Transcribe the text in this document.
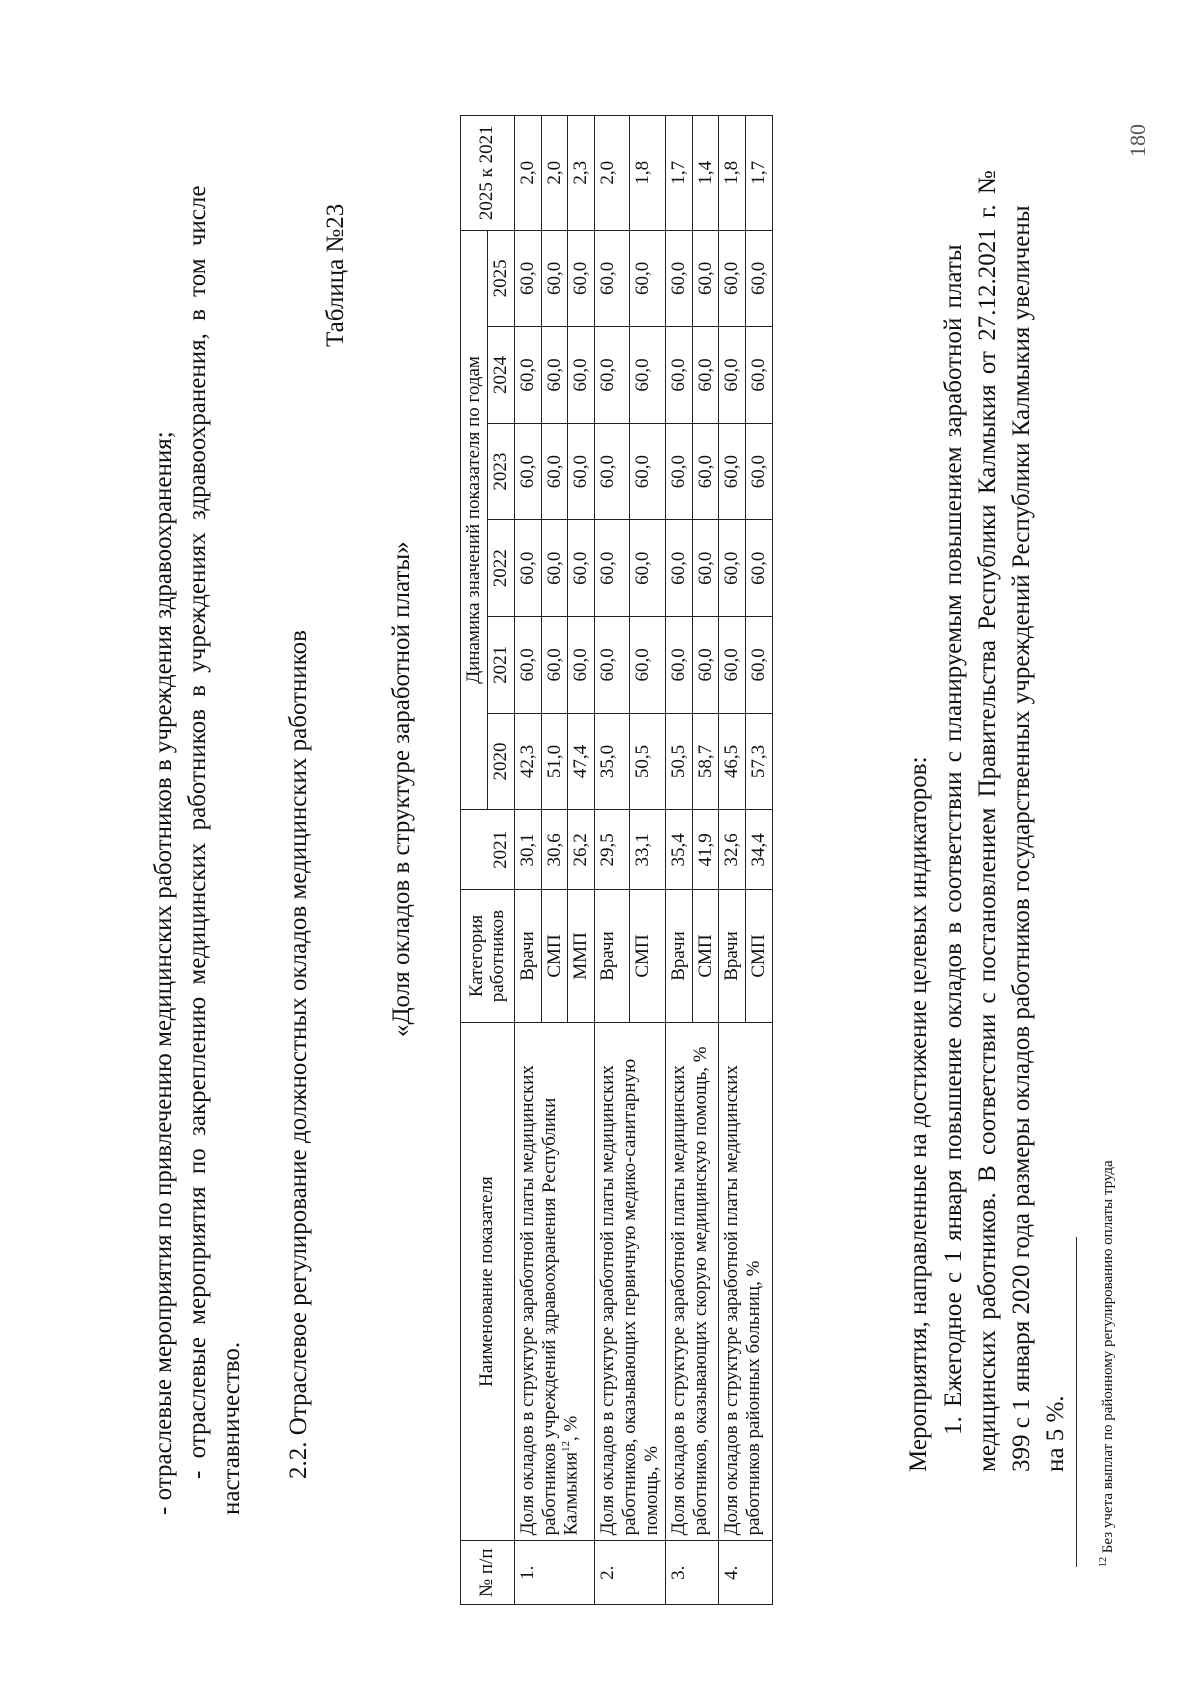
- отраслевые мероприятия по привлечению медицинских работников в учреждения здравоохранения; - отраслевые мероприятия по закреплению медицинских работников в учреждениях здравоохранения, в том числе наставничество. 2.2. Отраслевое регулирование должностных окладов медицинских работников
Таблица №23
«Доля окладов в структуре заработной платы»
№ п/п	Наименование показателя	Категория работников	2021	Динамика значений показателя по годам						2025 к 2021
				2020	2021	2022	2023	2024	2025	
1.	Доля окладов в структуре заработной платы медицинских работников учреждений здравоохранения Республики Калмыкия$^{12}$, %	Врачи	30,1	42,3	60,0	60,0	60,0	60,0	60,0	2,0
		СМП	30,6	51,0	60,0	60,0	60,0	60,0	60,0	2,0
		ММП	26,2	47,4	60,0	60,0	60,0	60,0	60,0	2,3
2.	Доля окладов в структуре заработной платы медицинских работников, оказывающих первичную медико-санитарную помощь, %	Врачи	29,5	35,0	60,0	60,0	60,0	60,0	60,0	2,0
		СМП	33,1	50,5	60,0	60,0	60,0	60,0	60,0	1,8
3.	Доля окладов в структуре заработной платы медицинских работников, оказывающих скорую медицинскую помощь, %	Врачи	35,4	50,5	60,0	60,0	60,0	60,0	60,0	1,7
		СМП	41,9	58,7	60,0	60,0	60,0	60,0	60,0	1,4
4.	Доля окладов в структуре заработной платы медицинских работников районных больниц, %	Врачи	32,6	46,5	60,0	60,0	60,0	60,0	60,0	1,8
		СМП	34,4	57,3	60,0	60,0	60,0	60,0	60,0	1,7
Мероприятия, направленные на достижение целевых индикаторов: 1. Ежегодное с 1 января повышение окладов в соответствии с планируемым повышением заработной платы медицинских работников. В соответствии с постановлением Правительства Республики Калмыкия от 27.12.2021 г. № 399 с 1 января 2020 года размеры окладов работников государственных учреждений Республики Калмыкия увеличены на 5 %.
$^{12}$ Без учета выплат по районному регулированию оплаты труда
180
